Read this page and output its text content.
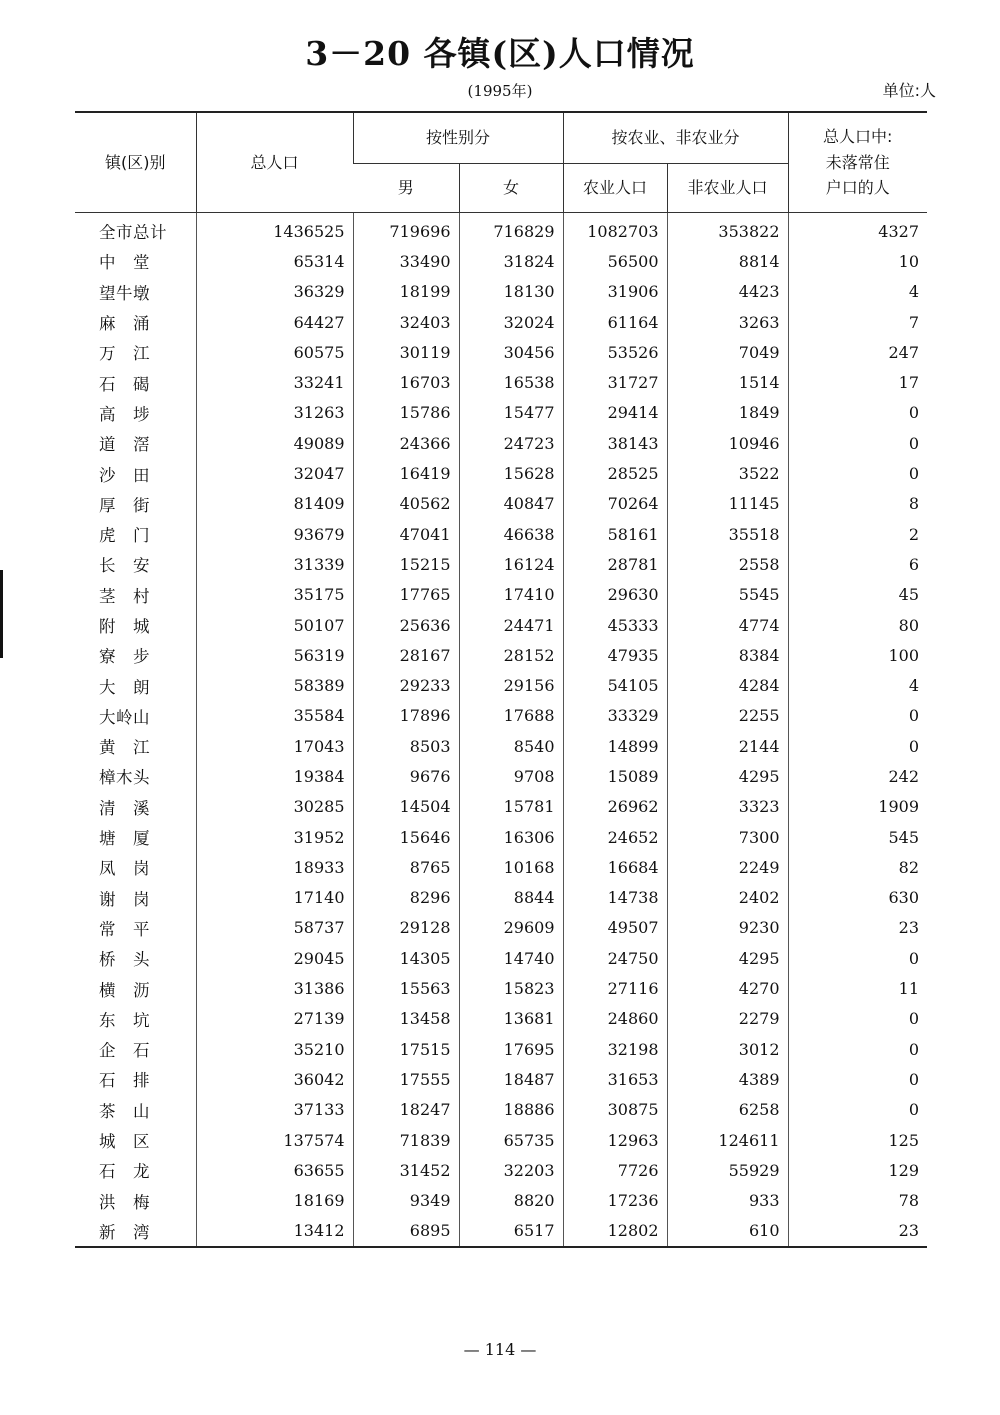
3－20 各镇(区)人口情况
(1995年)	单位:人
镇(区)别	总人口	按性别分		按农业、非农业分		总人口中:
未落常住
户口的人

		男	女	农业人口	非农业人口	
全市总计	1436525	719696	716829	1082703	353822	4327
中　堂	65314	33490	31824	56500	8814	10
望牛墩	36329	18199	18130	31906	4423	4
麻　涌	64427	32403	32024	61164	3263	7
万　江	60575	30119	30456	53526	7049	247
石　碣	33241	16703	16538	31727	1514	17
高　埗	31263	15786	15477	29414	1849	0
道　滘	49089	24366	24723	38143	10946	0
沙　田	32047	16419	15628	28525	3522	0
厚　街	81409	40562	40847	70264	11145	8
虎　门	93679	47041	46638	58161	35518	2
长　安	31339	15215	16124	28781	2558	6
茎　村	35175	17765	17410	29630	5545	45
附　城	50107	25636	24471	45333	4774	80
寮　步	56319	28167	28152	47935	8384	100
大　朗	58389	29233	29156	54105	4284	4
大岭山	35584	17896	17688	33329	2255	0
黄　江	17043	8503	8540	14899	2144	0
樟木头	19384	9676	9708	15089	4295	242
清　溪	30285	14504	15781	26962	3323	1909
塘　厦	31952	15646	16306	24652	7300	545
凤　岗	18933	8765	10168	16684	2249	82
谢　岗	17140	8296	8844	14738	2402	630
常　平	58737	29128	29609	49507	9230	23
桥　头	29045	14305	14740	24750	4295	0
横　沥	31386	15563	15823	27116	4270	11
东　坑	27139	13458	13681	24860	2279	0
企　石	35210	17515	17695	32198	3012	0
石　排	36042	17555	18487	31653	4389	0
茶　山	37133	18247	18886	30875	6258	0
城　区	137574	71839	65735	12963	124611	125
石　龙	63655	31452	32203	7726	55929	129
洪　梅	18169	9349	8820	17236	933	78
新　湾	13412	6895	6517	12802	610	23
— 114 —
